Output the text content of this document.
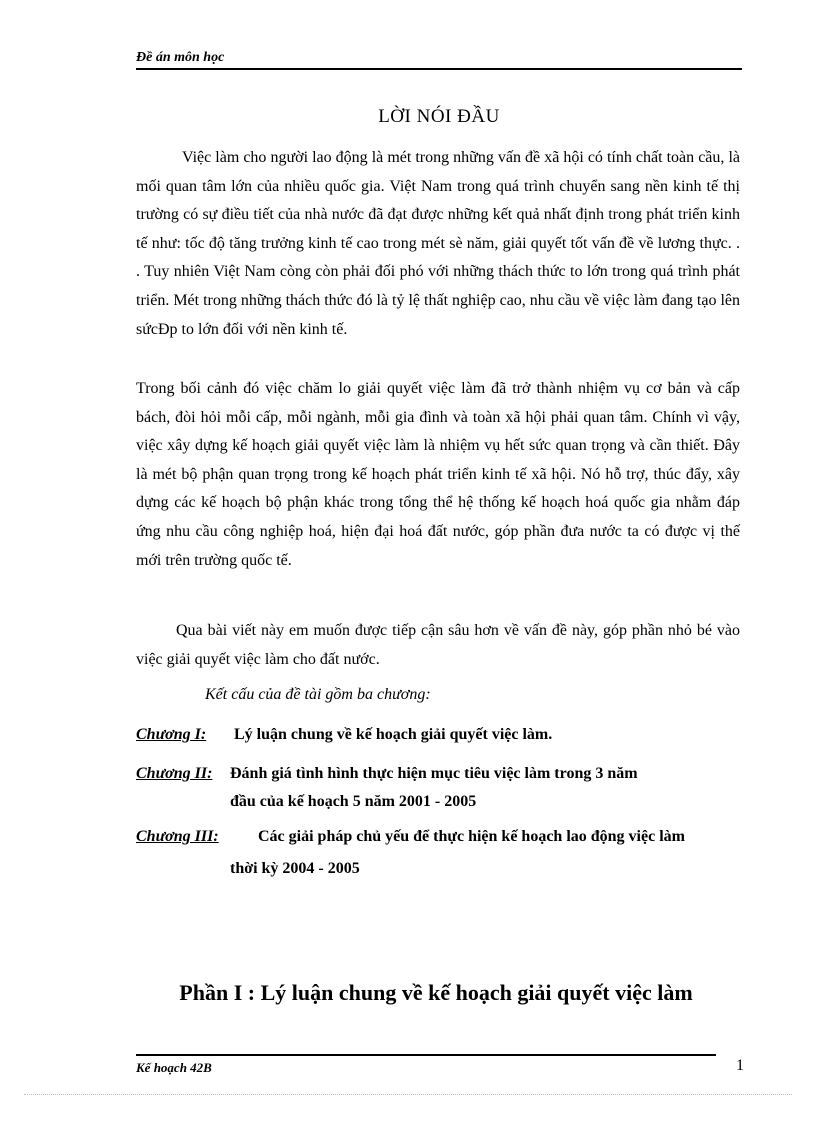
Đề án môn học
LỜI NÓI ĐẦU

Việc làm cho người lao động là mét trong những vấn đề xã hội có tính chất toàn cầu, là mối quan tâm lớn của nhiều quốc gia. Việt Nam trong quá trình chuyển sang nền kinh tế thị trường có sự điều tiết của nhà nước đã đạt được những kết quả nhất định trong phát triển kinh tế như: tốc độ tăng trưởng kinh tế cao trong mét sè năm, giải quyết tốt vấn đề về lương thực. . . Tuy nhiên Việt Nam còng còn phải đối phó với những thách thức to lớn trong quá trình phát triển. Mét trong những thách thức đó là tỷ lệ thất nghiệp cao, nhu cầu về việc làm đang tạo lên sứcĐp to lớn đối với nền kinh tế.

Trong bối cảnh đó việc chăm lo giải quyết việc làm đã trở thành nhiệm vụ cơ bản và cấp bách, đòi hỏi mỗi cấp, mỗi ngành, mỗi gia đình và toàn xã hội phải quan tâm. Chính vì vậy, việc xây dựng kế hoạch giải quyết việc làm là nhiệm vụ hết sức quan trọng và cần thiết. Đây là mét bộ phận quan trọng trong kế hoạch phát triển kinh tế xã hội. Nó hỗ trợ, thúc đẩy, xây dựng các kế hoạch bộ phận khác trong tổng thể hệ thống kế hoạch hoá quốc gia nhằm đáp ứng nhu cầu công nghiệp hoá, hiện đại hoá đất nước, góp phần đưa nước ta có được vị thế mới trên trường quốc tế.

Qua bài viết này em muốn được tiếp cận sâu hơn về vấn đề này, góp phần nhỏ bé vào việc giải quyết việc làm cho đất nước.

Kết cấu của đề tài gồm ba chương:
Chương I: Lý luận chung về kế hoạch giải quyết việc làm.
Chương II: Đánh giá tình hình thực hiện mục tiêu việc làm trong 3 năm
đầu của kế hoạch 5 năm 2001 - 2005
Chương III: Các giải pháp chủ yếu để thực hiện kế hoạch lao động việc làm
thời kỳ 2004 - 2005
Phần I : Lý luận chung về kế hoạch giải quyết việc làm
Kế hoạch 42B	1
